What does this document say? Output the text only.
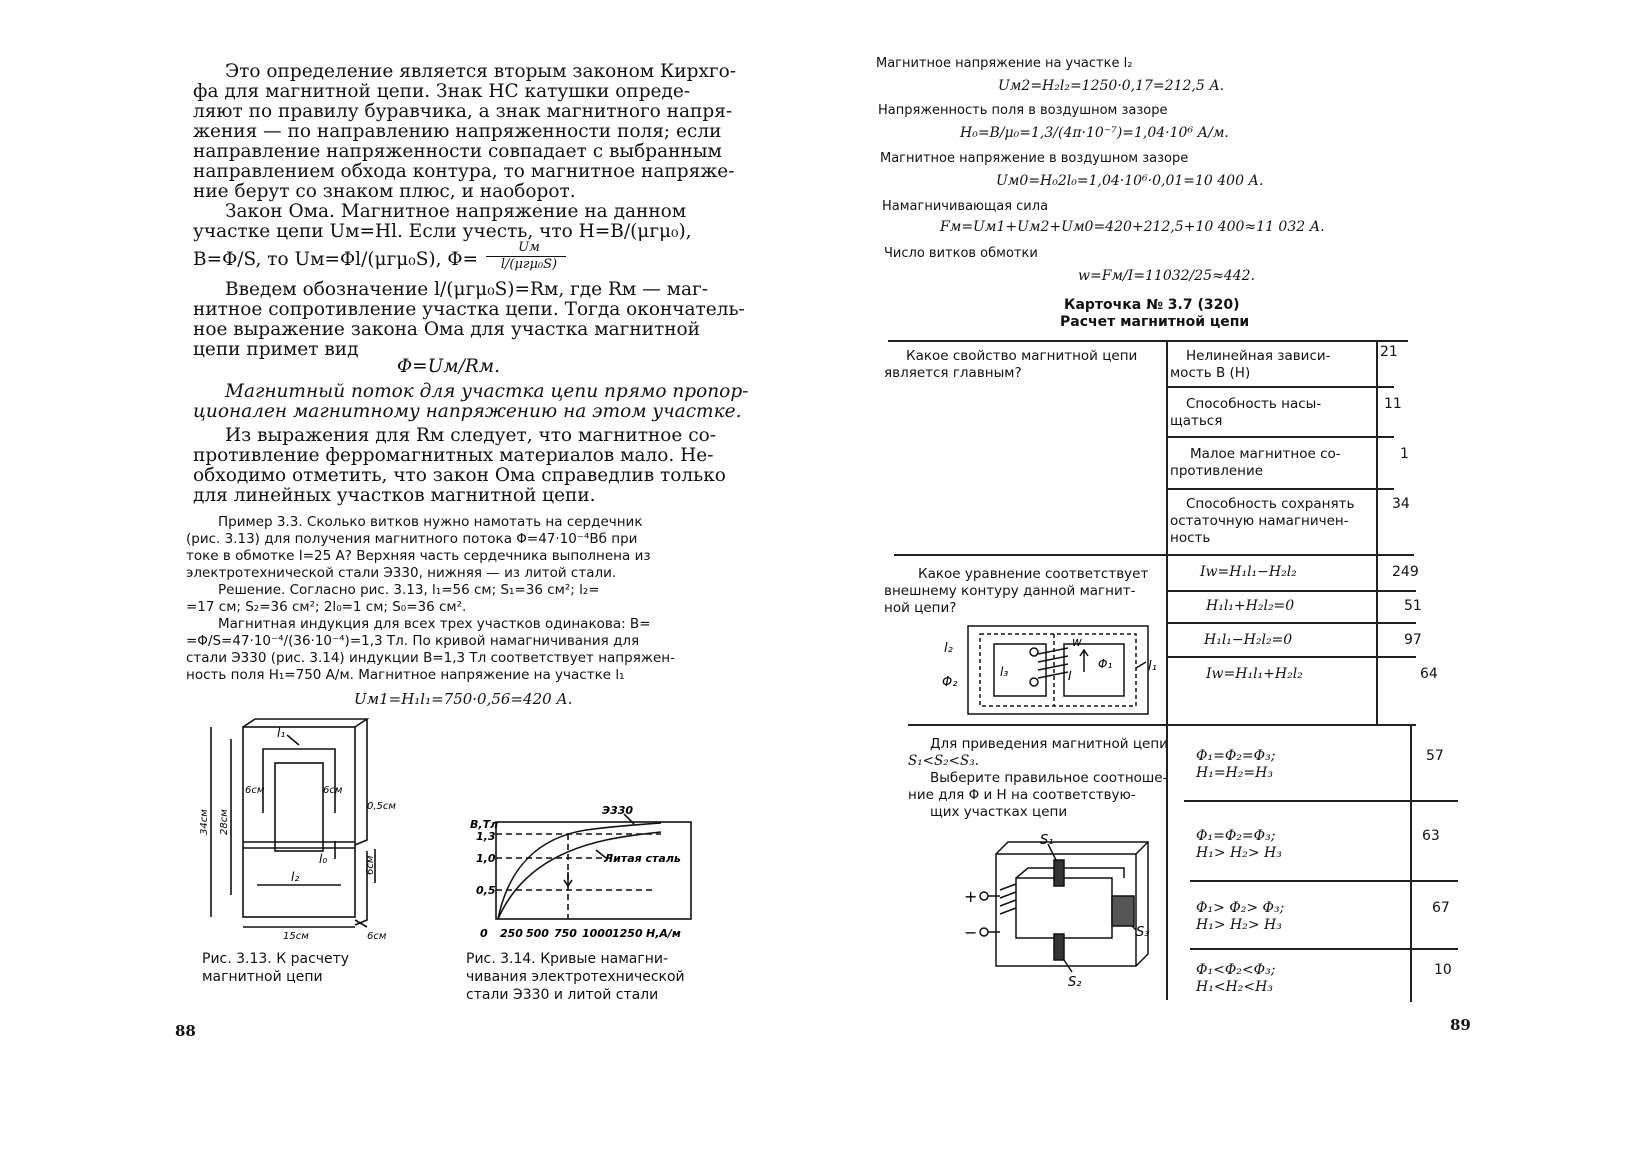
Это определение является вторым законом Кирхго-
фа для магнитной цепи. Знак НС катушки опреде-
ляют по правилу буравчика, а знак магнитного напря-
жения — по направлению напряженности поля; если
направление напряженности совпадает с выбранным
направлением обхода контура, то магнитное напряже-
ние берут со знаком плюс, и наоборот.
Закон Ома. Магнитное напряжение на данном
участке цепи Uм=Hl. Если учесть, что H=B/(μгμ₀),
B=Φ/S, то Uм=Φl/(μгμ₀S), Φ=
Uм
l/(μгμ₀S)
Введем обозначение l/(μгμ₀S)=Rм, где Rм — маг-
нитное сопротивление участка цепи. Тогда окончатель-
ное выражение закона Ома для участка магнитной
цепи примет вид
Φ=Uм/Rм.
Магнитный поток для участка цепи прямо пропор-
ционален магнитному напряжению на этом участке.
Из выражения для Rм следует, что магнитное со-
противление ферромагнитных материалов мало. Не-
обходимо отметить, что закон Ома справедлив только
для линейных участков магнитной цепи.
Пример 3.3. Сколько витков нужно намотать на сердечник
(рис. 3.13) для получения магнитного потока Φ=47·10⁻⁴Вб при
токе в обмотке I=25 А? Верхняя часть сердечника выполнена из
электротехнической стали Э330, нижняя — из литой стали.
Решение. Согласно рис. 3.13, l₁=56 см; S₁=36 см²; l₂=
=17 см; S₂=36 см²; 2l₀=1 см; S₀=36 см².
Магнитная индукция для всех трех участков одинакова: B=
=Φ/S=47·10⁻⁴/(36·10⁻⁴)=1,3 Тл. По кривой намагничивания для
стали Э330 (рис. 3.14) индукции B=1,3 Тл соответствует напряжен-
ность поля H₁=750 А/м. Магнитное напряжение на участке l₁
Uм1=H₁l₁=750·0,56=420 А.
l₁
6см	6см
0,5см
34см 28см
l₀	6см
l₂
15см	6см
Рис. 3.13. К расчету
магнитной цепи
B,Тл
1,3
1,0
0,5
Э330
Литая сталь
0 250 500 750 1000 1250 H,А/м
Рис. 3.14. Кривые намагни-
чивания электротехнической
стали Э330 и литой стали
88
Магнитное напряжение на участке l₂
Uм2=H₂l₂=1250·0,17=212,5 А.
Напряженность поля в воздушном зазоре
H₀=B/μ₀=1,3/(4π·10⁻⁷)=1,04·10⁶ А/м.
Магнитное напряжение в воздушном зазоре
Uм0=H₀2l₀=1,04·10⁶·0,01=10 400 А.
Намагничивающая сила
Fм=Uм1+Uм2+Uм0=420+212,5+10 400≈11 032 А.
Число витков обмотки
w=Fм/I=11032/25≈442.
Карточка № 3.7 (320)
Расчет магнитной цепи
Какое свойство магнитной цепи
является главным?
Нелинейная зависи-
мость B (H)
21
Способность насы-
щаться
11
Малое магнитное со-
противление
1
Способность сохранять
остаточную намагничен-
ность
34
Какое уравнение соответствует
внешнему контуру данной магнит-
ной цепи?
Iw=H₁l₁−H₂l₂	249
H₁l₁+H₂l₂=0	51
H₁l₁−H₂l₂=0	97
Iw=H₁l₁+H₂l₂	64
l₂
Φ₂
l₃
w
I
Φ₁	l₁
Для приведения магнитной цепи
S₁<S₂<S₃.
Выберите правильное соотноше-
ние для Φ и H на соответствую-
щих участках цепи
Φ₁=Φ₂=Φ₃;
H₁=H₂=H₃
57
Φ₁=Φ₂=Φ₃;
H₁> H₂> H₃
63
Φ₁> Φ₂> Φ₃;
H₁> H₂> H₃
67
Φ₁<Φ₂<Φ₃;
H₁<H₂<H₃
10
S₁
S₂
S₃
+
−
89
